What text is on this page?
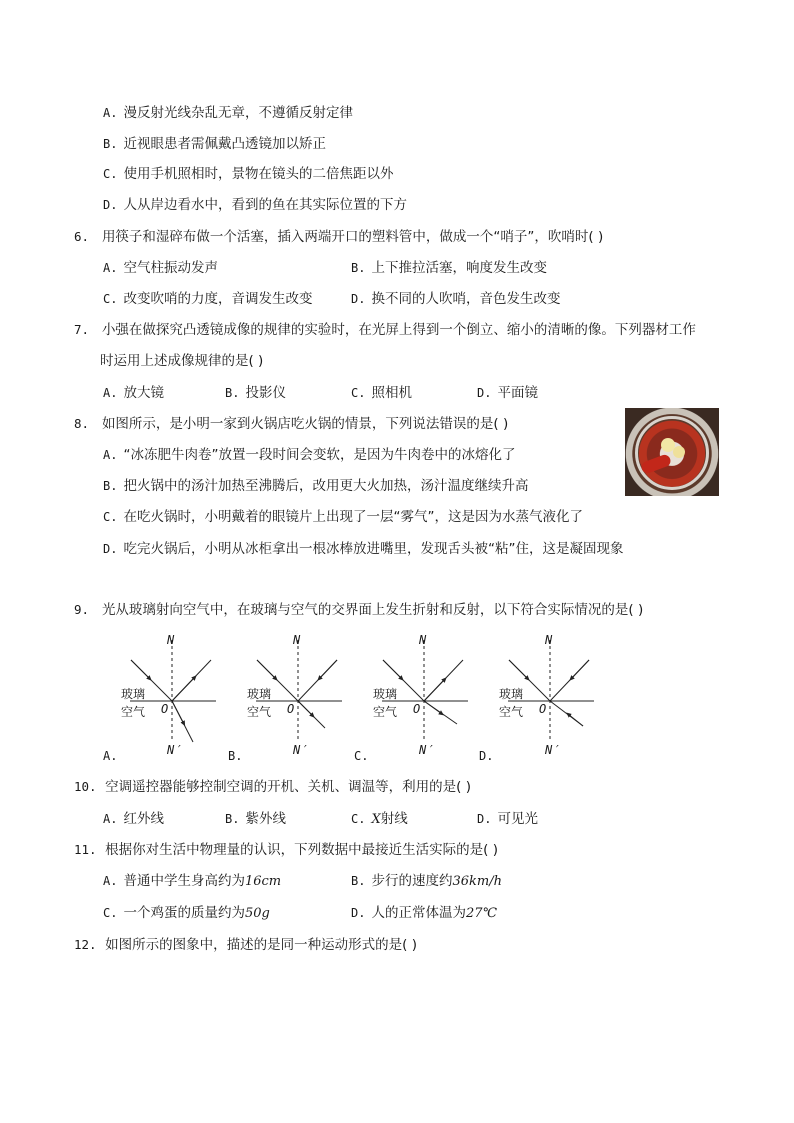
A. 漫反射光线杂乱无章，不遵循反射定律
B. 近视眼患者需佩戴凸透镜加以矫正
C. 使用手机照相时，景物在镜头的二倍焦距以外
D. 人从岸边看水中，看到的鱼在其实际位置的下方
6. 用筷子和湿碎布做一个活塞，插入两端开口的塑料管中，做成一个“哨子”，吹哨时( )
A. 空气柱振动发声	B. 上下推拉活塞，响度发生改变
C. 改变吹哨的力度，音调发生改变	D. 换不同的人吹哨，音色发生改变
7. 小强在做探究凸透镜成像的规律的实验时，在光屏上得到一个倒立、缩小的清晰的像。下列器材工作
时运用上述成像规律的是( )
A. 放大镜	B. 投影仪	C. 照相机	D. 平面镜
8. 如图所示，是小明一家到火锅店吃火锅的情景，下列说法错误的是( )
A. “冰冻肥牛肉卷”放置一段时间会变软，是因为牛肉卷中的冰熔化了
B. 把火锅中的汤汁加热至沸腾后，改用更大火加热，汤汁温度继续升高
C. 在吃火锅时，小明戴着的眼镜片上出现了一层“雾气”，这是因为水蒸气液化了
D. 吃完火锅后，小明从冰柜拿出一根冰棒放进嘴里，发现舌头被“粘”住，这是凝固现象
9. 光从玻璃射向空气中，在玻璃与空气的交界面上发生折射和反射，以下符合实际情况的是( )
N	N	N	N
玻璃
空气 O
玻璃
空气 O
玻璃
空气 O
玻璃
空气 O
N′	N′	N′	N′
A.	B.	C.	D.
10. 空调遥控器能够控制空调的开机、关机、调温等，利用的是( )
A. 红外线	B. 紫外线	C. X射线	D. 可见光
11. 根据你对生活中物理量的认识，下列数据中最接近生活实际的是( )
A. 普通中学生身高约为16cm	B. 步行的速度约36km/h
C. 一个鸡蛋的质量约为50g	D. 人的正常体温为27℃
12. 如图所示的图象中，描述的是同一种运动形式的是( )
